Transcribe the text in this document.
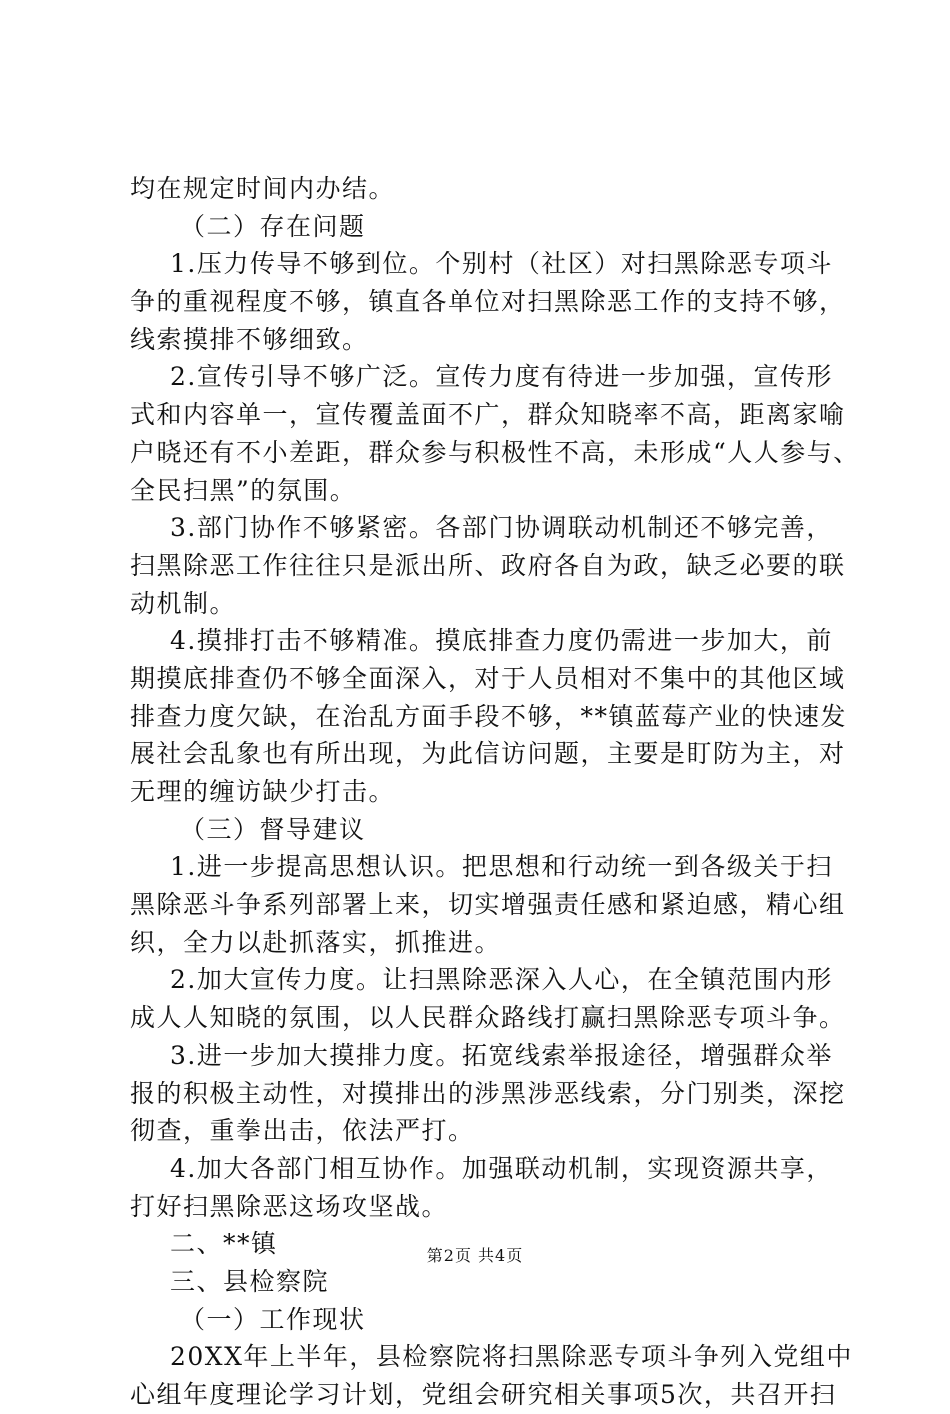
均在规定时间内办结。
（二）存在问题
1.压力传导不够到位。个别村（社区）对扫黑除恶专项斗
争的重视程度不够，镇直各单位对扫黑除恶工作的支持不够，
线索摸排不够细致。
2.宣传引导不够广泛。宣传力度有待进一步加强，宣传形
式和内容单一，宣传覆盖面不广，群众知晓率不高，距离家喻
户晓还有不小差距，群众参与积极性不高，未形成“人人参与、
全民扫黑”的氛围。
3.部门协作不够紧密。各部门协调联动机制还不够完善，
扫黑除恶工作往往只是派出所、政府各自为政，缺乏必要的联
动机制。
4.摸排打击不够精准。摸底排查力度仍需进一步加大，前
期摸底排查仍不够全面深入，对于人员相对不集中的其他区域
排查力度欠缺，在治乱方面手段不够，**镇蓝莓产业的快速发
展社会乱象也有所出现，为此信访问题，主要是盯防为主，对
无理的缠访缺少打击。
（三）督导建议
1.进一步提高思想认识。把思想和行动统一到各级关于扫
黑除恶斗争系列部署上来，切实增强责任感和紧迫感，精心组
织，全力以赴抓落实，抓推进。
2.加大宣传力度。让扫黑除恶深入人心，在全镇范围内形
成人人知晓的氛围，以人民群众路线打赢扫黑除恶专项斗争。
3.进一步加大摸排力度。拓宽线索举报途径，增强群众举
报的积极主动性，对摸排出的涉黑涉恶线索，分门别类，深挖
彻查，重拳出击，依法严打。
4.加大各部门相互协作。加强联动机制，实现资源共享，
打好扫黑除恶这场攻坚战。
二、**镇
三、县检察院
（一）工作现状
20XX年上半年，县检察院将扫黑除恶专项斗争列入党组中
心组年度理论学习计划，党组会研究相关事项5次，共召开扫
第2页 共4页
